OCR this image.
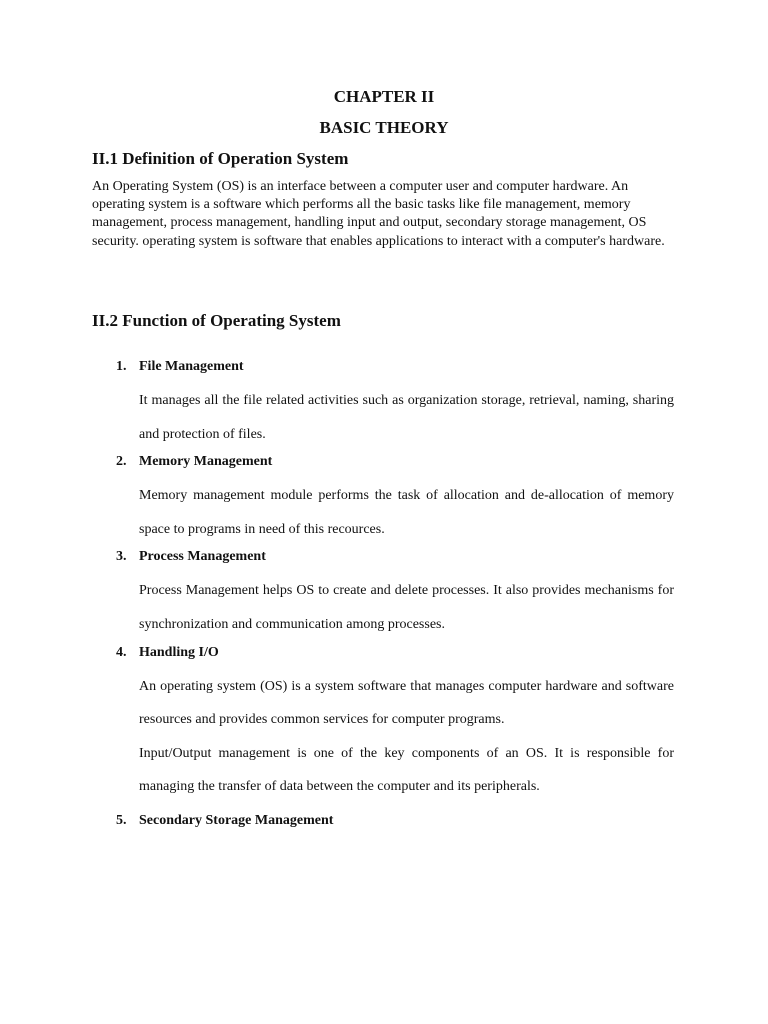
CHAPTER II
BASIC THEORY
II.1 Definition of Operation System

An Operating System (OS) is an interface between a computer user and computer hardware. An operating system is a software which performs all the basic tasks like file management, memory management, process management, handling input and output, secondary storage management, OS security. operating system is software that enables applications to interact with a computer's hardware.

II.2 Function of Operating System
1. File Management

It manages all the file related activities such as organization storage, retrieval, naming, sharing and protection of files.

2. Memory Management

Memory management module performs the task of allocation and de-allocation of memory space to programs in need of this recources.

3. Process Management

Process Management helps OS to create and delete processes. It also provides mechanisms for synchronization and communication among processes.

4. Handling I/O

An operating system (OS) is a system software that manages computer hardware and software resources and provides common services for computer programs.

Input/Output management is one of the key components of an OS. It is responsible for managing the transfer of data between the computer and its peripherals.

5. Secondary Storage Management
